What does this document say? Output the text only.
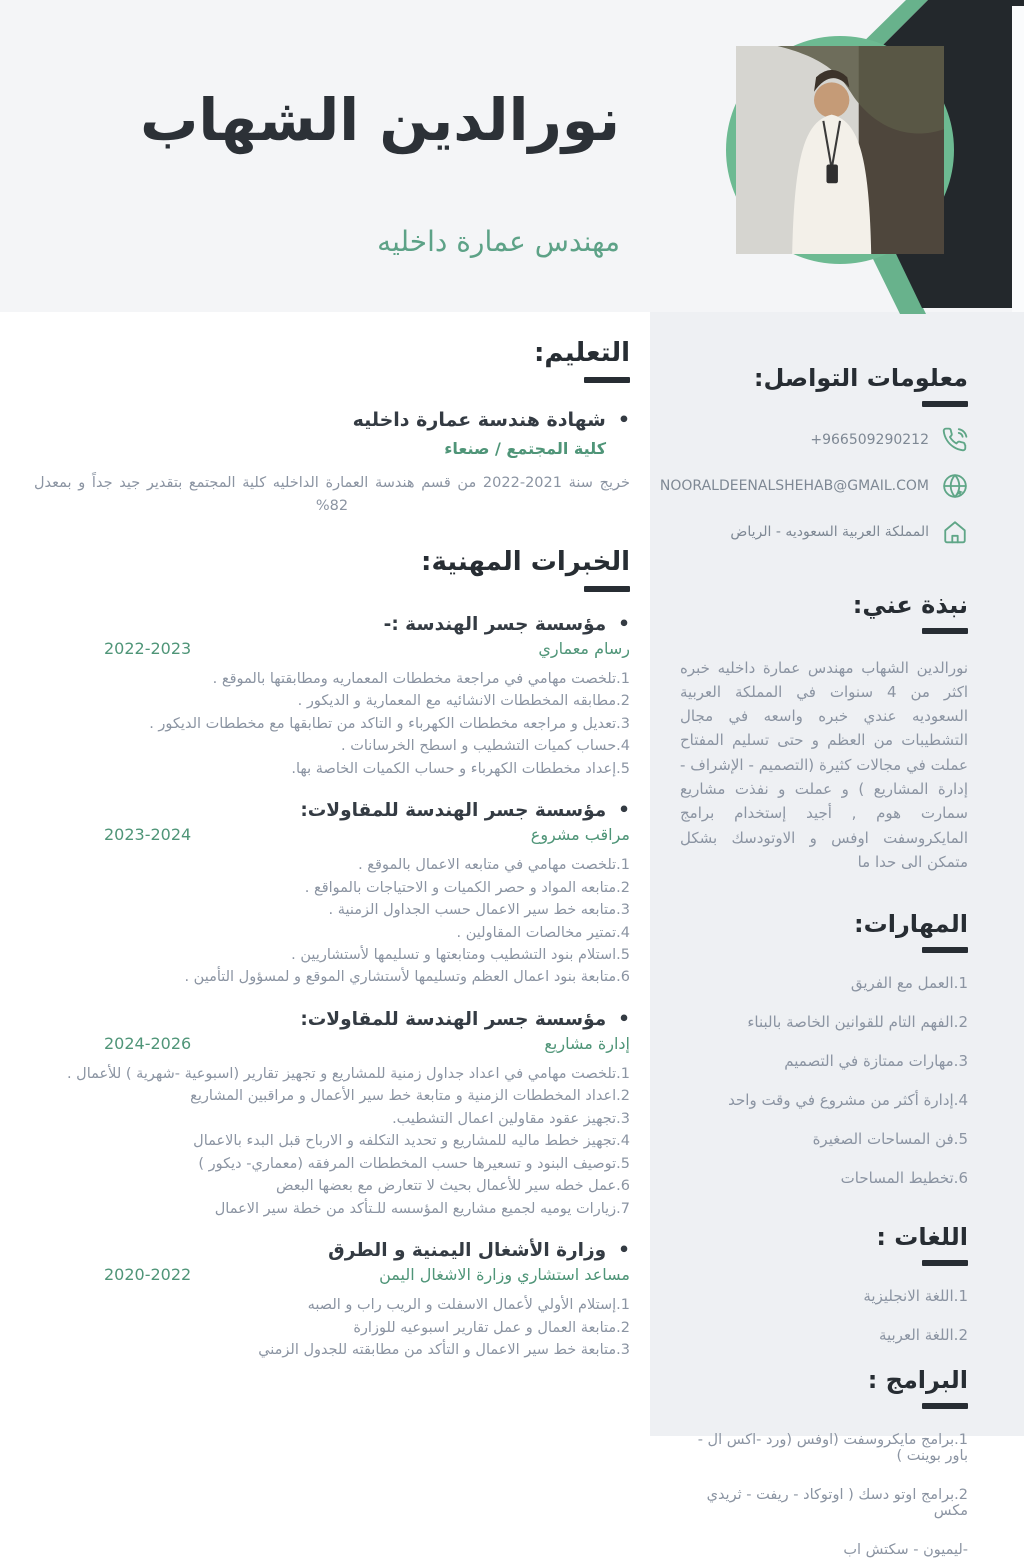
نورالدين الشهاب
مهندس عمارة داخليه
معلومات التواصل:
+966509290212
NOORALDEENALSHEHAB@GMAIL.COM
المملكة العربية السعوديه - الرياض
نبذة عني:

نورالدين الشهاب مهندس عمارة داخليه خبره اكثر من 4 سنوات في المملكة العربية السعوديه عندي خبره واسعه في مجال التشطيبات من العظم و حتى تسليم المفتاح عملت في مجالات كثيرة (التصميم - الإشراف - إدارة المشاريع ) و عملت و نفذت مشاريع سمارت هوم , أجيد إستخدام برامج المايكروسفت اوفس و الاوتودسك بشكل متمكن الى حدا ما

المهارات:
1.العمل مع الفريق
2.الفهم التام للقوانين الخاصة بالبناء
3.مهارات ممتازة في التصميم
4.إدارة أكثر من مشروع في وقت واحد
5.فن المساحات الصغيرة
6.تخطيط المساحات
اللغات :
1.اللغة الانجليزية
2.اللغة العربية
البرامج :
1.برامج مايكروسفت (اوفس (ورد -اكس ال - باور بوينت )
2.برامج اوتو دسك ( اوتوكاد - ريفت - ثريدي مكس
-ليميون - سكتش اب
التعليم:
• شهادة هندسة عمارة داخليه
كلية المجتمع / صنعاء

خريج سنة 2021-2022 من قسم هندسة العمارة الداخليه كلية المجتمع بتقدير جيد جداً و بمعدل 82%

الخبرات المهنية:
• مؤسسة جسر الهندسة :-
رسام معماري
2022-2023
1.تلخصت مهامي في مراجعة مخططات المعماريه ومطابقتها بالموقع .
2.مطابقه المخططات الانشائيه مع المعمارية و الديكور .
3.تعديل و مراجعه مخططات الكهرباء و التاكد من تطابقها مع مخططات الديكور .
4.حساب كميات التشطيب و اسطح الخرسانات .
5.إعداد مخططات الكهرباء و حساب الكميات الخاصة بها.
• مؤسسة جسر الهندسة للمقاولات:
مراقب مشروع
2023-2024
1.تلخصت مهامي في متابعه الاعمال بالموقع .
2.متابعه المواد و حصر الكميات و الاحتياجات بالمواقع .
3.متابعه خط سير الاعمال حسب الجداول الزمنية .
4.تمتير مخالصات المقاولين .
5.استلام بنود التشطيب ومتابعتها و تسليمها لأستشاريين .
6.متابعة بنود اعمال العظم وتسليمها لأستشاري الموقع و لمسؤول التأمين .
• مؤسسة جسر الهندسة للمقاولات:
إدارة مشاريع
2024-2026
1.تلخصت مهامي في اعداد جداول زمنية للمشاريع و تجهيز تقارير (اسبوعية -شهرية ) للأعمال .
2.اعداد المخططات الزمنية و متابعة خط سير الأعمال و مراقبين المشاريع
3.تجهيز عقود مقاولين اعمال التشطيب.
4.تجهيز خطط ماليه للمشاريع و تحديد التكلفه و الارباح قبل البدء بالاعمال
5.توصيف البنود و تسعيرها حسب المخططات المرفقه (معماري- ديكور )
6.عمل خطه سير للأعمال بحيث لا تتعارض مع بعضها البعض
7.زيارات يوميه لجميع مشاريع المؤسسه للـتأكد من خطة سير الاعمال
• وزارة الأشغال اليمنية و الطرق
مساعد استشاري وزارة الاشغال اليمن
2020-2022
1.إستلام الأولي لأعمال الاسفلت و الريب راب و الصبه
2.متابعة العمال و عمل تقارير اسبوعيه للوزارة
3.متابعة خط سير الاعمال و التأكد من مطابقته للجدول الزمني
